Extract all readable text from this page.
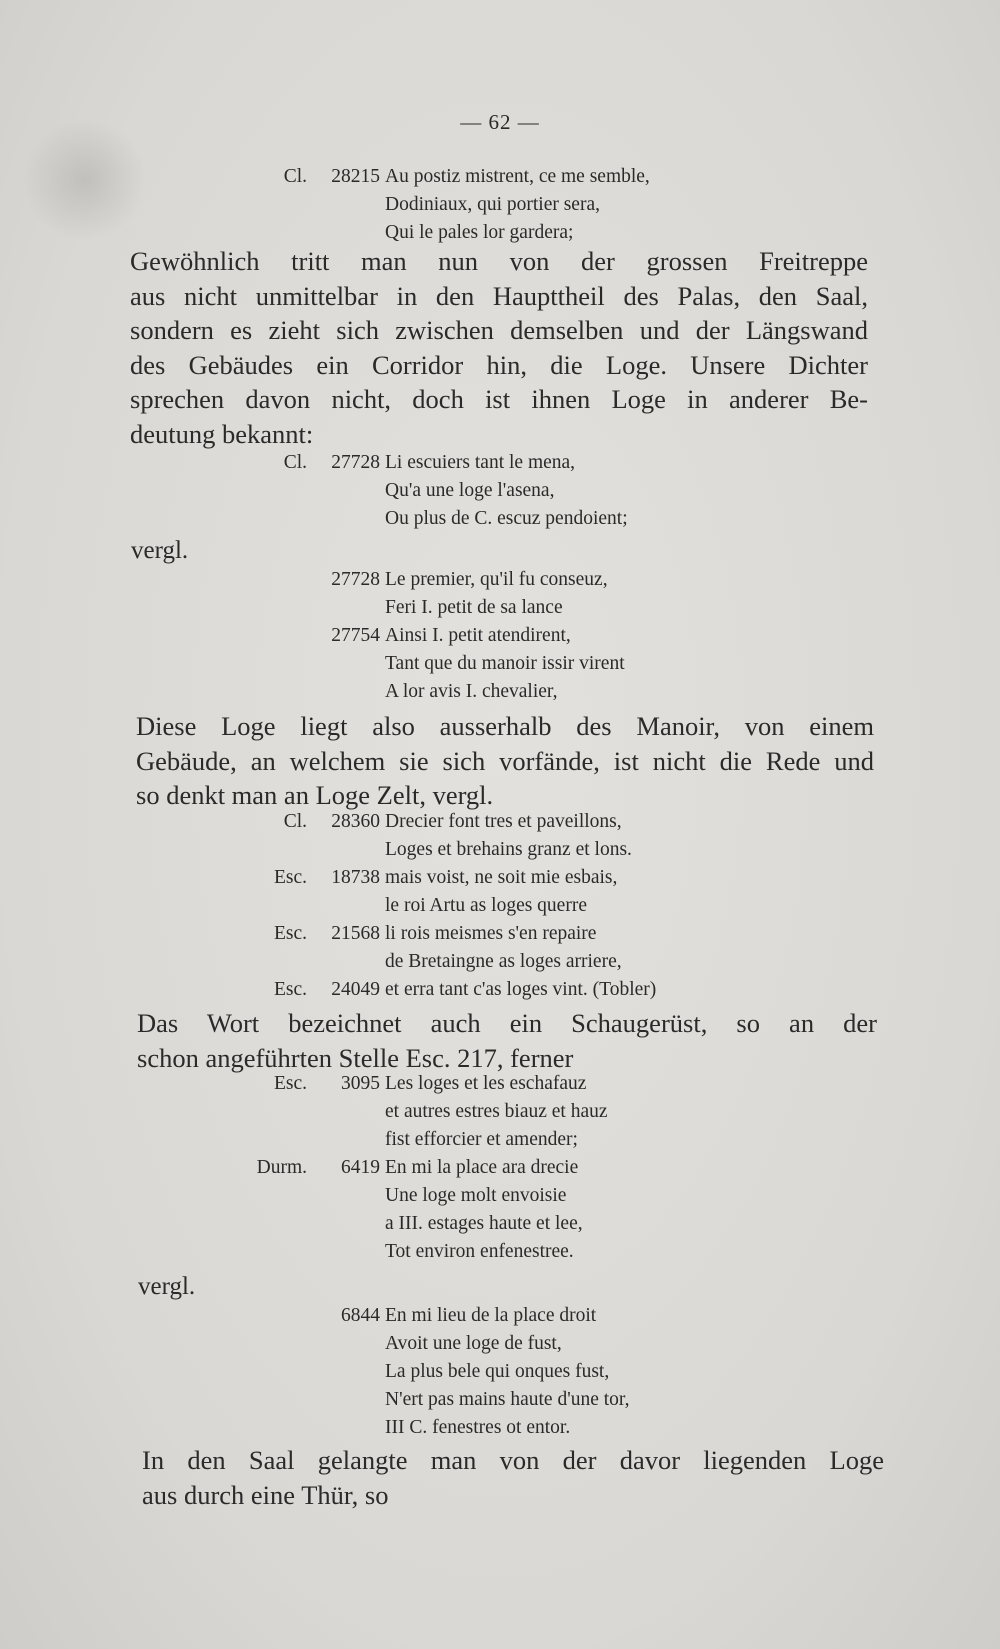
— 62 —
Cl.	28215 Au postiz mistrent, ce me semble,
Dodiniaux, qui portier sera,
Qui le pales lor gardera;
Gewöhnlich tritt man nun von der grossen Freitreppe
aus nicht unmittelbar in den Haupttheil des Palas, den Saal,
sondern es zieht sich zwischen demselben und der Längswand
des Gebäudes ein Corridor hin, die Loge. Unsere Dichter
sprechen davon nicht, doch ist ihnen Loge in anderer Be-
deutung bekannt:
Cl.	27728 Li escuiers tant le mena,
Qu'a une loge l'asena,
Ou plus de C. escuz pendoient;
vergl.
27728 Le premier, qu'il fu conseuz,
Feri I. petit de sa lance
27754 Ainsi I. petit atendirent,
Tant que du manoir issir virent
A lor avis I. chevalier,
Diese Loge liegt also ausserhalb des Manoir, von einem
Gebäude, an welchem sie sich vorfände, ist nicht die Rede und
so denkt man an Loge Zelt, vergl.
Cl.	28360 Drecier font tres et paveillons,
Loges et brehains granz et lons.
Esc.	18738 mais voist, ne soit mie esbais,
le roi Artu as loges querre
Esc.	21568 li rois meismes s'en repaire
de Bretaingne as loges arriere,
Esc.	24049 et erra tant c'as loges vint. (Tobler)
Das Wort bezeichnet auch ein Schaugerüst, so an der
schon angeführten Stelle Esc. 217, ferner
Esc.	3095 Les loges et les eschafauz
et autres estres biauz et hauz
fist efforcier et amender;
Durm.	6419 En mi la place ara drecie
Une loge molt envoisie
a III. estages haute et lee,
Tot environ enfenestree.
vergl.
6844 En mi lieu de la place droit
Avoit une loge de fust,
La plus bele qui onques fust,
N'ert pas mains haute d'une tor,
III C. fenestres ot entor.
In den Saal gelangte man von der davor liegenden Loge
aus durch eine Thür, so
